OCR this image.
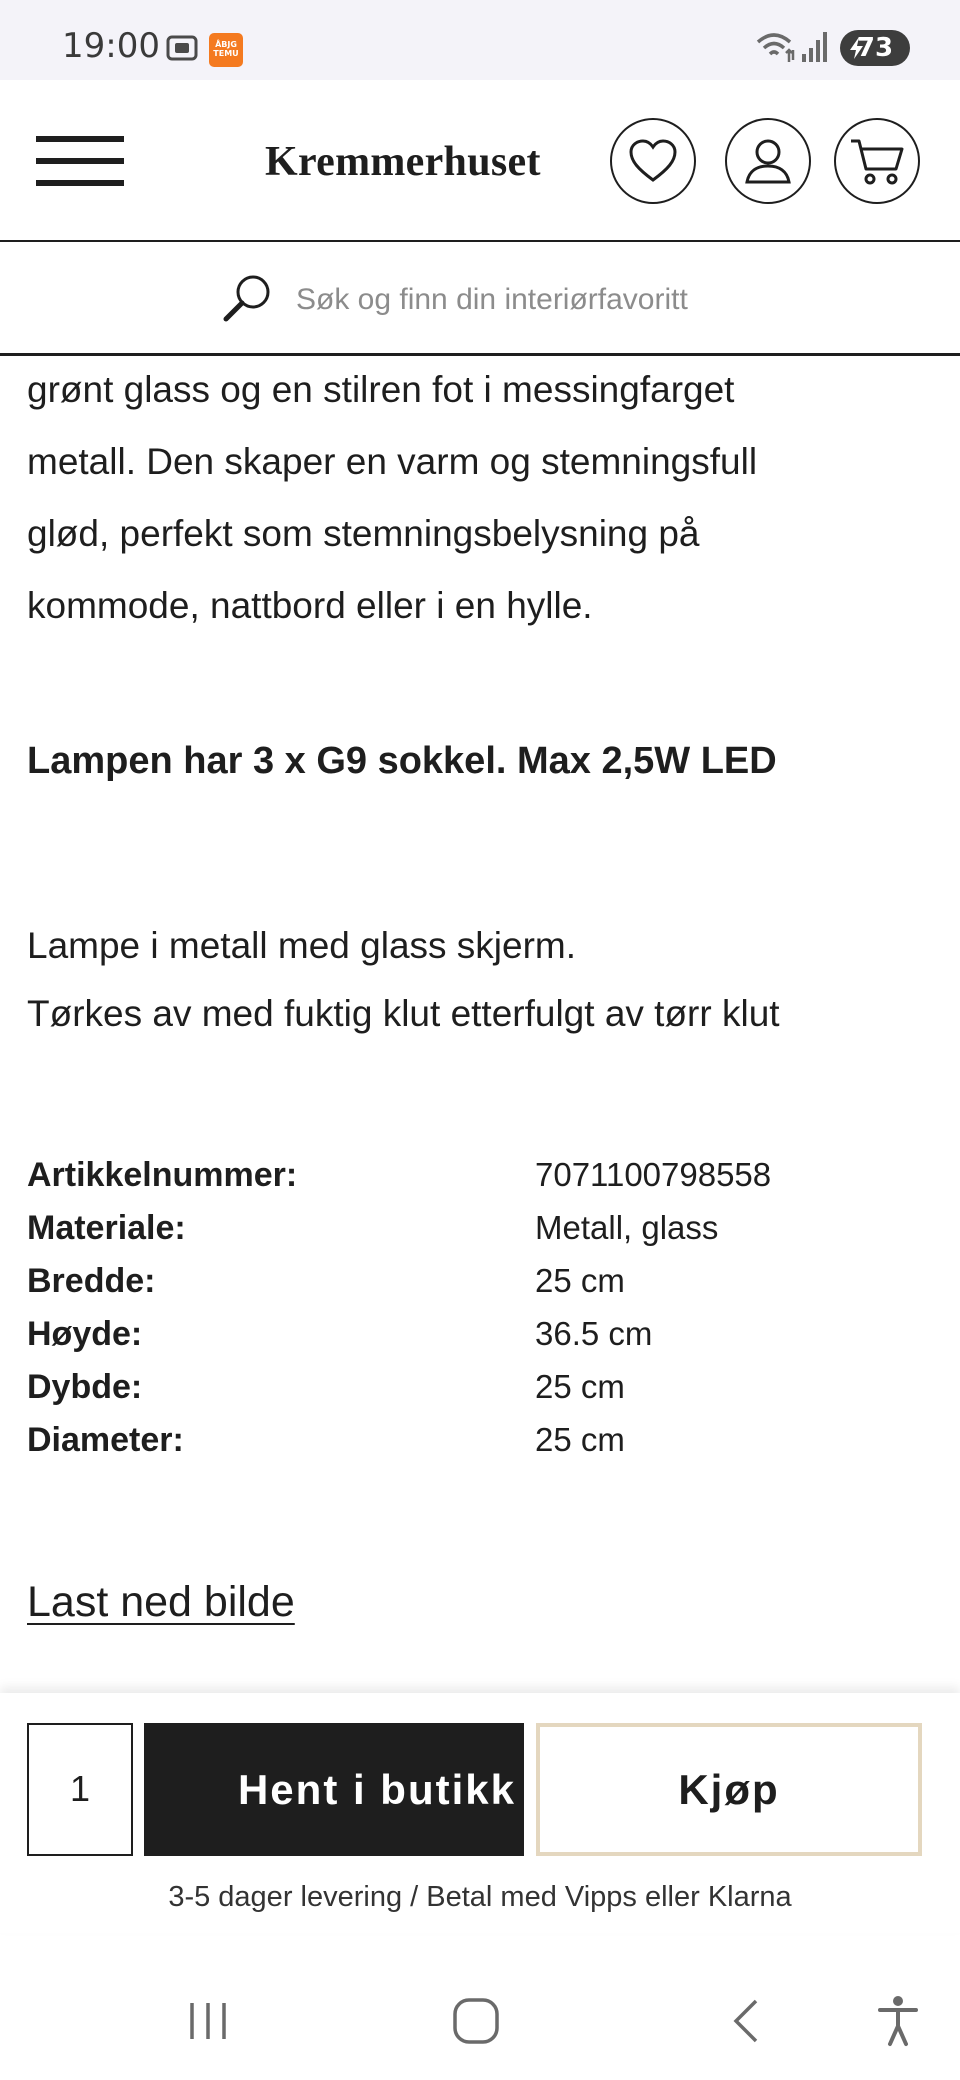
19:00	ÅBJG TEMU	73
Kremmerhuset
Søk og finn din interiørfavoritt
grønt glass og en stilren fot i messingfarget
metall. Den skaper en varm og stemningsfull
glød, perfekt som stemningsbelysning på
kommode, nattbord eller i en hylle.
Lampen har 3 x G9 sokkel. Max 2,5W LED
Lampe i metall med glass skjerm.
Tørkes av med fuktig klut etterfulgt av tørr klut
Artikkelnummer:	7071100798558
Materiale:	Metall, glass
Bredde:	25 cm
Høyde:	36.5 cm
Dybde:	25 cm
Diameter:	25 cm
Last ned bilde
1	Hent i butikk	Kjøp
3-5 dager levering / Betal med Vipps eller Klarna
